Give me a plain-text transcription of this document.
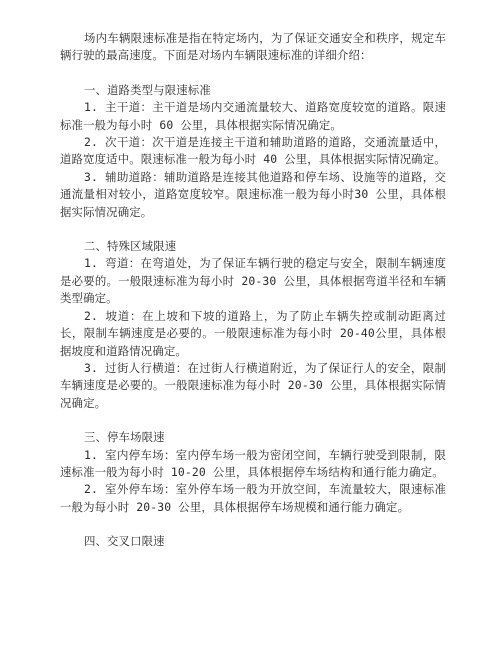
场内车辆限速标准是指在特定场内，为了保证交通安全和秩序，规定车辆行驶的最高速度。下面是对场内车辆限速标准的详细介绍：

一、道路类型与限速标准

1. 主干道：主干道是场内交通流量较大、道路宽度较宽的道路。限速标准一般为每小时 60 公里，具体根据实际情况确定。

2. 次干道：次干道是连接主干道和辅助道路的道路，交通流量适中，道路宽度适中。限速标准一般为每小时 40 公里，具体根据实际情况确定。

3. 辅助道路：辅助道路是连接其他道路和停车场、设施等的道路，交通流量相对较小，道路宽度较窄。限速标准一般为每小时30 公里，具体根据实际情况确定。

二、特殊区域限速

1. 弯道：在弯道处，为了保证车辆行驶的稳定与安全，限制车辆速度是必要的。一般限速标准为每小时 20-30 公里，具体根据弯道半径和车辆类型确定。

2. 坡道：在上坡和下坡的道路上，为了防止车辆失控或制动距离过长，限制车辆速度是必要的。一般限速标准为每小时 20-40公里，具体根据坡度和道路情况确定。

3. 过街人行横道：在过街人行横道附近，为了保证行人的安全，限制车辆速度是必要的。一般限速标准为每小时 20-30 公里，具体根据实际情况确定。

三、停车场限速

1. 室内停车场：室内停车场一般为密闭空间，车辆行驶受到限制，限速标准一般为每小时 10-20 公里，具体根据停车场结构和通行能力确定。

2. 室外停车场：室外停车场一般为开放空间，车流量较大，限速标准一般为每小时 20-30 公里，具体根据停车场规模和通行能力确定。

四、交叉口限速
